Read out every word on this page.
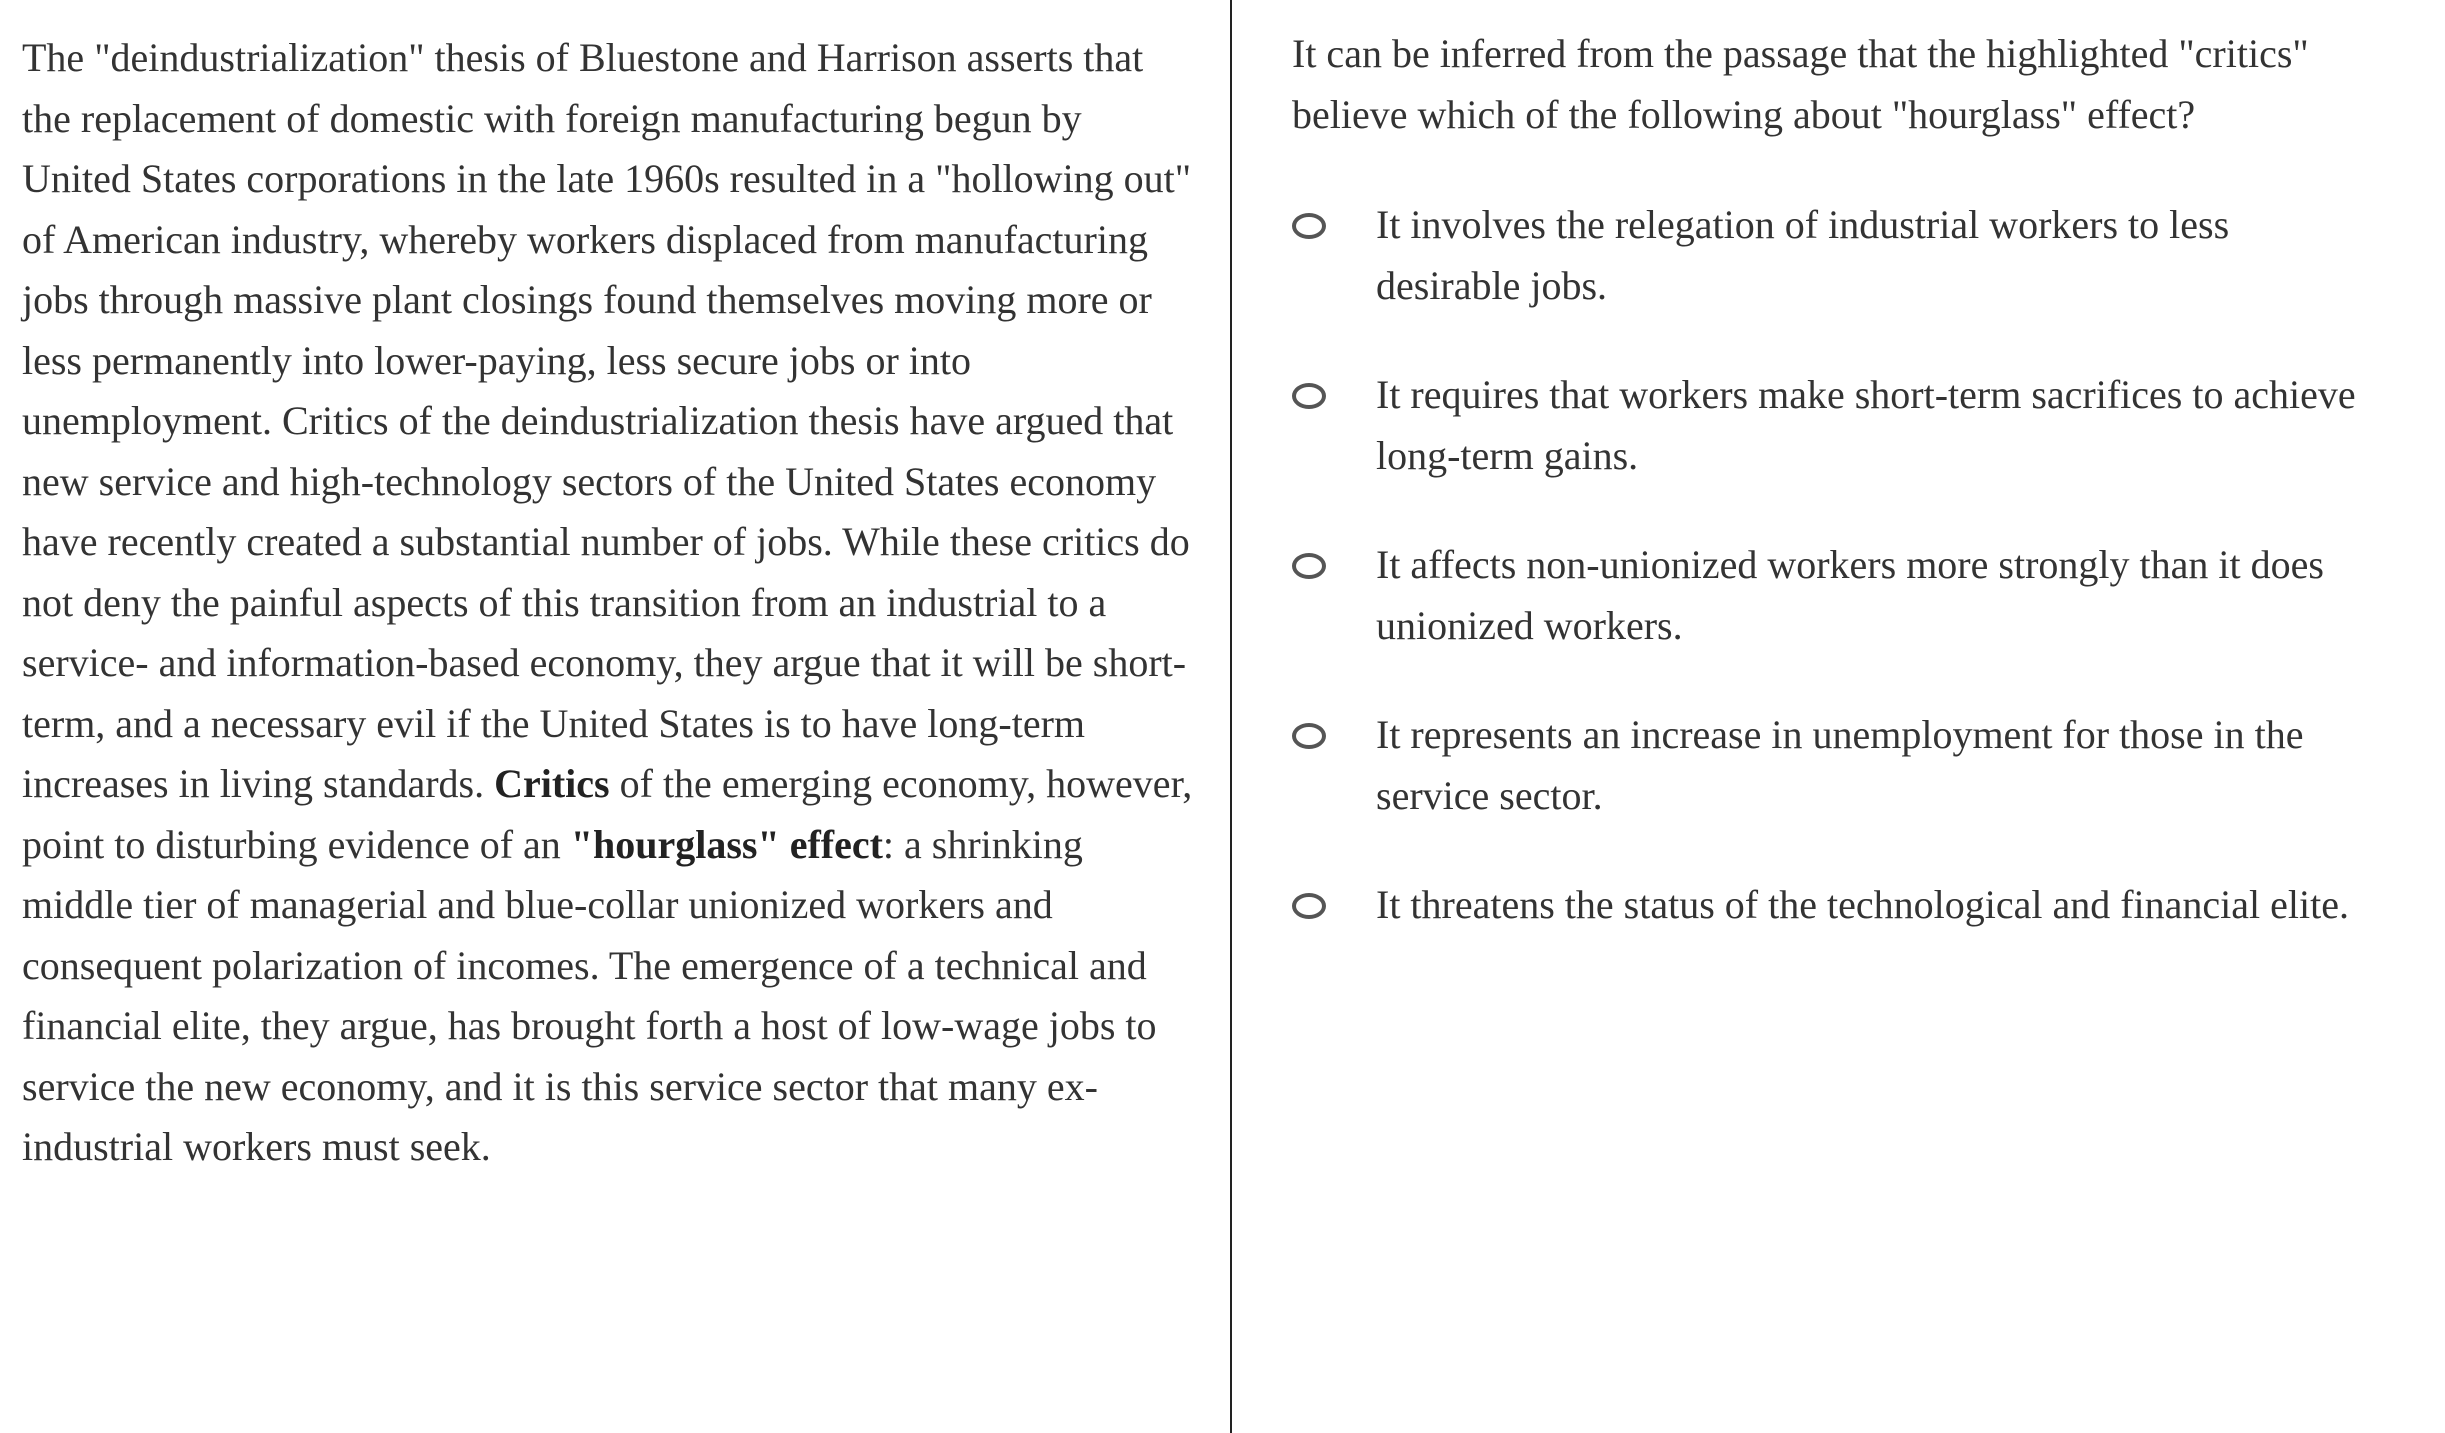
The "deindustrialization" thesis of Bluestone and Harrison asserts that the replacement of domestic with foreign manufacturing begun by United States corporations in the late 1960s resulted in a "hollowing out" of American industry, whereby workers displaced from manufacturing jobs through massive plant closings found themselves moving more or less permanently into lower-paying, less secure jobs or into unemployment. Critics of the deindustrialization thesis have argued that new service and high-technology sectors of the United States economy have recently created a substantial number of jobs. While these critics do not deny the painful aspects of this transition from an industrial to a service- and information-based economy, they argue that it will be short-term, and a necessary evil if the United States is to have long-term increases in living standards. Critics of the emerging economy, however, point to disturbing evidence of an "hourglass" effect: a shrinking middle tier of managerial and blue-collar unionized workers and consequent polarization of incomes. The emergence of a technical and financial elite, they argue, has brought forth a host of low-wage jobs to service the new economy, and it is this service sector that many ex-industrial workers must seek.

It can be inferred from the passage that the highlighted "critics" believe which of the following about "hourglass" effect?

It involves the relegation of industrial workers to less desirable jobs.
It requires that workers make short-term sacrifices to achieve long-term gains.
It affects non-unionized workers more strongly than it does unionized workers.
It represents an increase in unemployment for those in the service sector.
It threatens the status of the technological and financial elite.
